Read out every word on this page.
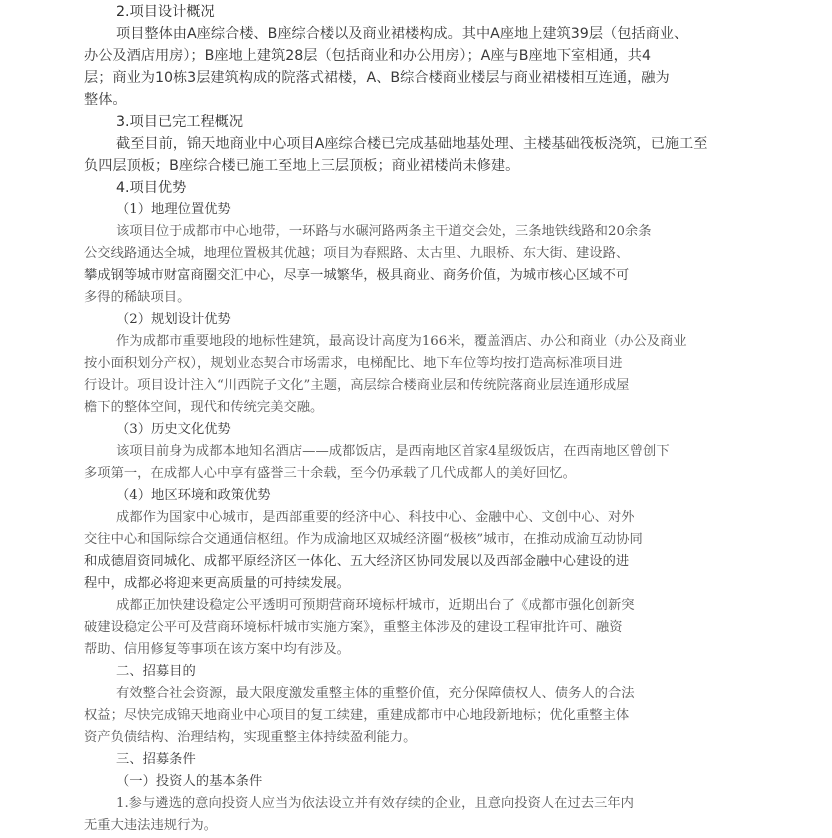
2.项目设计概况
项目整体由A座综合楼、B座综合楼以及商业裙楼构成。其中A座地上建筑39层（包括商业、
办公及酒店用房）；B座地上建筑28层（包括商业和办公用房）；A座与B座地下室相通，共4
层；商业为10栋3层建筑构成的院落式裙楼，A、B综合楼商业楼层与商业裙楼相互连通，融为
整体。
3.项目已完工程概况
截至目前，锦天地商业中心项目A座综合楼已完成基础地基处理、主楼基础筏板浇筑，已施工至
负四层顶板；B座综合楼已施工至地上三层顶板；商业裙楼尚未修建。
4.项目优势
（1）地理位置优势
该项目位于成都市中心地带，一环路与水碾河路两条主干道交会处，三条地铁线路和20余条
公交线路通达全城，地理位置极其优越；项目为春熙路、太古里、九眼桥、东大街、建设路、
攀成钢等城市财富商圈交汇中心，尽享一城繁华，极具商业、商务价值，为城市核心区域不可
多得的稀缺项目。
（2）规划设计优势
作为成都市重要地段的地标性建筑，最高设计高度为166米，覆盖酒店、办公和商业（办公及商业
按小面积划分产权），规划业态契合市场需求，电梯配比、地下车位等均按打造高标准项目进
行设计。项目设计注入“川西院子文化”主题，高层综合楼商业层和传统院落商业层连通形成屋
檐下的整体空间，现代和传统完美交融。
（3）历史文化优势
该项目前身为成都本地知名酒店——成都饭店，是西南地区首家4星级饭店，在西南地区曾创下
多项第一，在成都人心中享有盛誉三十余载，至今仍承载了几代成都人的美好回忆。
（4）地区环境和政策优势
成都作为国家中心城市，是西部重要的经济中心、科技中心、金融中心、文创中心、对外
交往中心和国际综合交通通信枢纽。作为成渝地区双城经济圈“极核”城市，在推动成渝互动协同
和成德眉资同城化、成都平原经济区一体化、五大经济区协同发展以及西部金融中心建设的进
程中，成都必将迎来更高质量的可持续发展。
成都正加快建设稳定公平透明可预期营商环境标杆城市，近期出台了《成都市强化创新突
破建设稳定公平可及营商环境标杆城市实施方案》，重整主体涉及的建设工程审批许可、融资
帮助、信用修复等事项在该方案中均有涉及。
二、招募目的
有效整合社会资源，最大限度激发重整主体的重整价值，充分保障债权人、债务人的合法
权益；尽快完成锦天地商业中心项目的复工续建，重建成都市中心地段新地标；优化重整主体
资产负债结构、治理结构，实现重整主体持续盈利能力。
三、招募条件
（一）投资人的基本条件
1.参与遴选的意向投资人应当为依法设立并有效存续的企业，且意向投资人在过去三年内
无重大违法违规行为。
